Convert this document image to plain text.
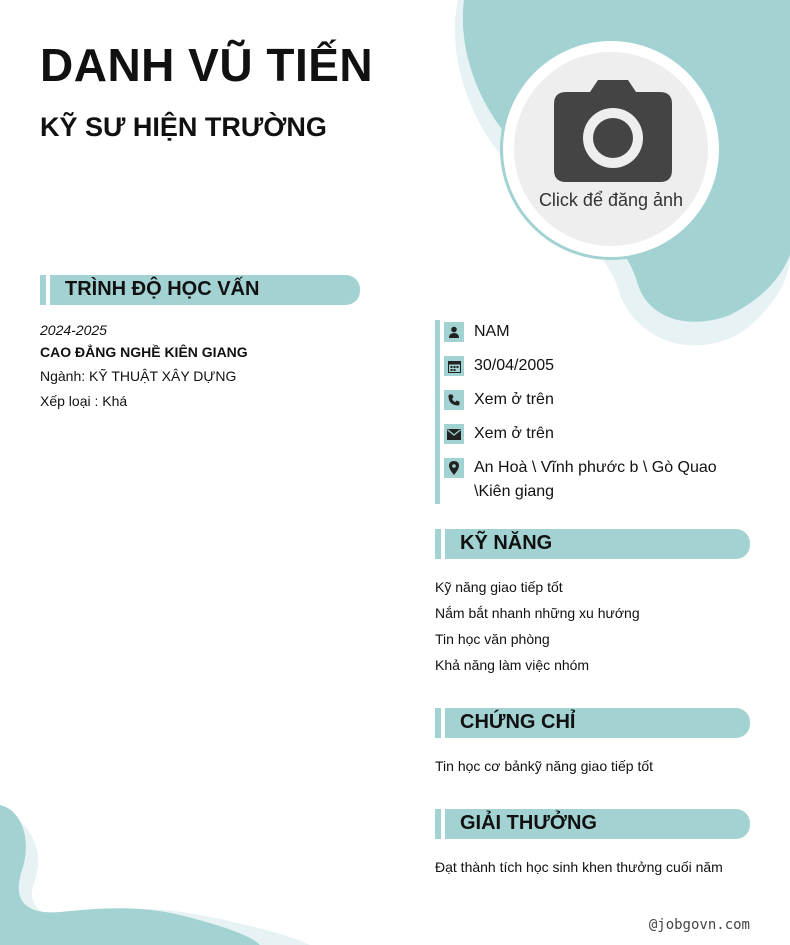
DANH VŨ TIẾN
KỸ SƯ HIỆN TRƯỜNG
Click để đăng ảnh

TRÌNH ĐỘ HỌC VẤN

2024-2025

CAO ĐẲNG NGHỀ KIÊN GIANG

Ngành: KỸ THUẬT XÂY DỰNG

Xếp loại : Khá

NAM
30/04/2005
Xem ở trên
Xem ở trên
An Hoà \ Vĩnh phước b \ Gò Quao \Kiên giang

KỸ NĂNG

Kỹ năng giao tiếp tốt
Nắm bắt nhanh những xu hướng
Tin học văn phòng
Khả năng làm việc nhóm

CHỨNG CHỈ

Tin học cơ bảnkỹ năng giao tiếp tốt

GIẢI THƯỞNG

Đạt thành tích học sinh khen thưởng cuối năm

@jobgovn.com
